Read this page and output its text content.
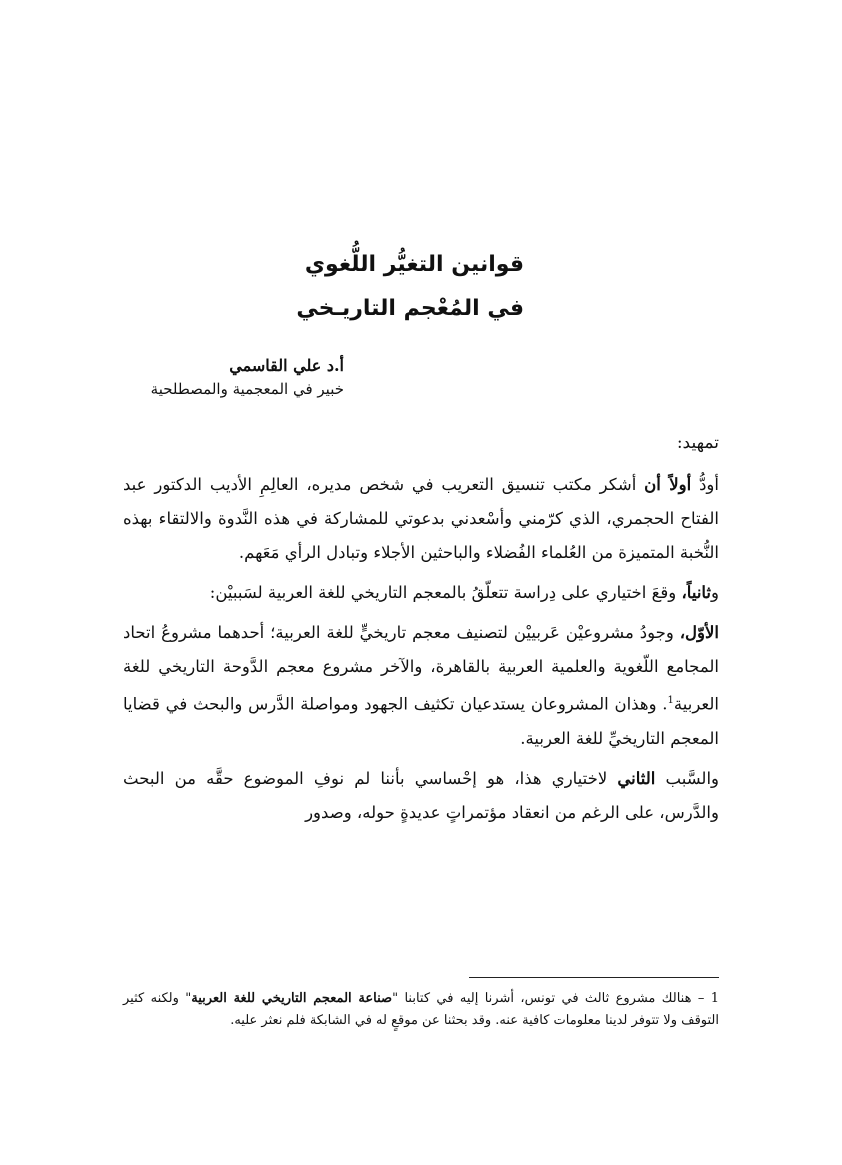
قوانين التغيُّر اللُّغوي
في المُعْجم التاريـخي
أ.د علي القاسمي
خبير في المعجمية والمصطلحية
تمهيد:

أودُّ أولاً أن أشكر مكتب تنسيق التعريب في شخص مديره، العالِمِ الأديب الدكتور عبد الفتاح الحجمري، الذي كرّمني وأسْعدني بدعوتي للمشاركة في هذه النَّدوة والالتقاء بهذه النُّخبة المتميزة من العُلماء الفُضلاء والباحثين الأجلاء وتبادل الرأي مَعَهم.

وثانياً، وقعَ اختياري على دِراسة تتعلّقُ بالمعجم التاريخي للغة العربية لسَببيْن:

الأوّل، وجودُ مشروعيْن عَربييْن لتصنيف معجم تاريخيٍّ للغة العربية؛ أحدهما مشروعُ اتحاد المجامع اللّغوية والعلمية العربية بالقاهرة، والآخر مشروع معجم الدَّوحة التاريخي للغة العربية$^1$. وهذان المشروعان يستدعيان تكثيف الجهود ومواصلة الدَّرس والبحث في قضايا المعجم التاريخيِّ للغة العربية.

والسَّبب الثاني لاختياري هذا، هو إحْساسي بأننا لم نوفِ الموضوع حقَّه من البحث والدَّرس، على الرغم من انعقاد مؤتمراتٍ عديدةٍ حوله، وصدور

1 – هنالك مشروع ثالث في تونس، أشرنا إليه في كتابنا "صناعة المعجم التاريخي للغة العربية" ولكنه كثير التوقف ولا تتوفر لدينا معلومات كافية عنه. وقد بحثنا عن موقعٍ له في الشابكة فلم نعثر عليه.
